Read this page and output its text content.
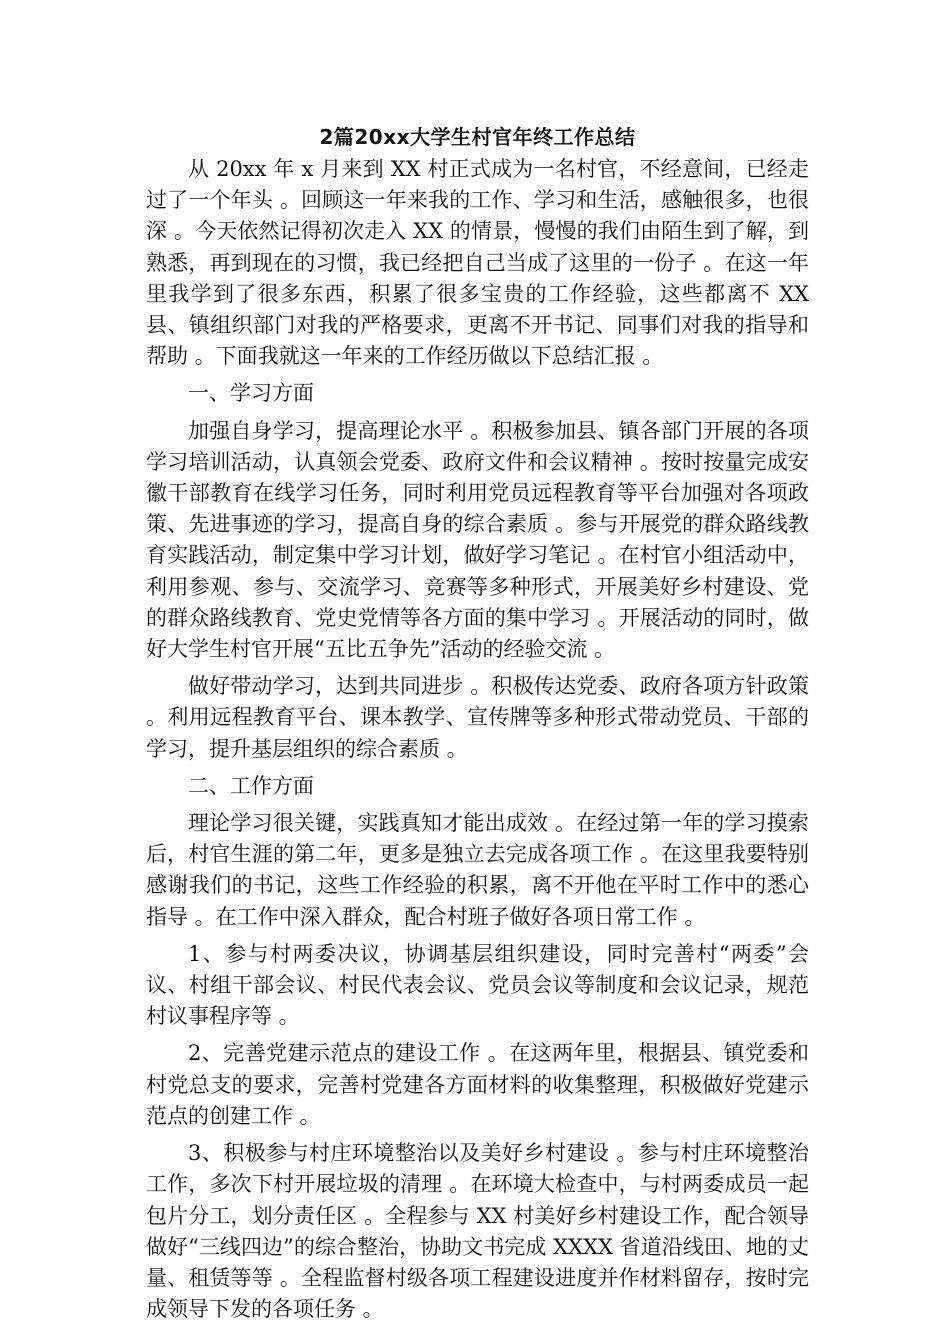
2篇20xx大学生村官年终工作总结

从 20xx 年 x 月来到 XX 村正式成为一名村官，不经意间，已经走过了一个年头 。回顾这一年来我的工作、学习和生活，感触很多，也很深 。今天依然记得初次走入 XX 的情景，慢慢的我们由陌生到了解，到熟悉，再到现在的习惯，我已经把自己当成了这里的一份子 。在这一年里我学到了很多东西，积累了很多宝贵的工作经验，这些都离不 XX 县、镇组织部门对我的严格要求，更离不开书记、同事们对我的指导和帮助 。下面我就这一年来的工作经历做以下总结汇报 。

一、学习方面

加强自身学习，提高理论水平 。积极参加县、镇各部门开展的各项学习培训活动，认真领会党委、政府文件和会议精神 。按时按量完成安徽干部教育在线学习任务，同时利用党员远程教育等平台加强对各项政策、先进事迹的学习，提高自身的综合素质 。参与开展党的群众路线教育实践活动，制定集中学习计划，做好学习笔记 。在村官小组活动中，利用参观、参与、交流学习、竞赛等多种形式，开展美好乡村建设、党的群众路线教育、党史党情等各方面的集中学习 。开展活动的同时，做好大学生村官开展“五比五争先”活动的经验交流 。

做好带动学习，达到共同进步 。积极传达党委、政府各项方针政策 。利用远程教育平台、课本教学、宣传牌等多种形式带动党员、干部的学习，提升基层组织的综合素质 。

二、工作方面

理论学习很关键，实践真知才能出成效 。在经过第一年的学习摸索后，村官生涯的第二年，更多是独立去完成各项工作 。在这里我要特别感谢我们的书记，这些工作经验的积累，离不开他在平时工作中的悉心指导 。在工作中深入群众，配合村班子做好各项日常工作 。

1、参与村两委决议，协调基层组织建设，同时完善村“两委”会议、村组干部会议、村民代表会议、党员会议等制度和会议记录，规范村议事程序等 。

2、完善党建示范点的建设工作 。在这两年里，根据县、镇党委和村党总支的要求，完善村党建各方面材料的收集整理，积极做好党建示范点的创建工作 。

3、积极参与村庄环境整治以及美好乡村建设 。参与村庄环境整治工作，多次下村开展垃圾的清理 。在环境大检查中，与村两委成员一起包片分工，划分责任区 。全程参与 XX 村美好乡村建设工作，配合领导做好“三线四边”的综合整治，协助文书完成 XXXX 省道沿线田、地的丈量、租赁等等 。全程监督村级各项工程建设进度并作材料留存，按时完成领导下发的各项任务 。
